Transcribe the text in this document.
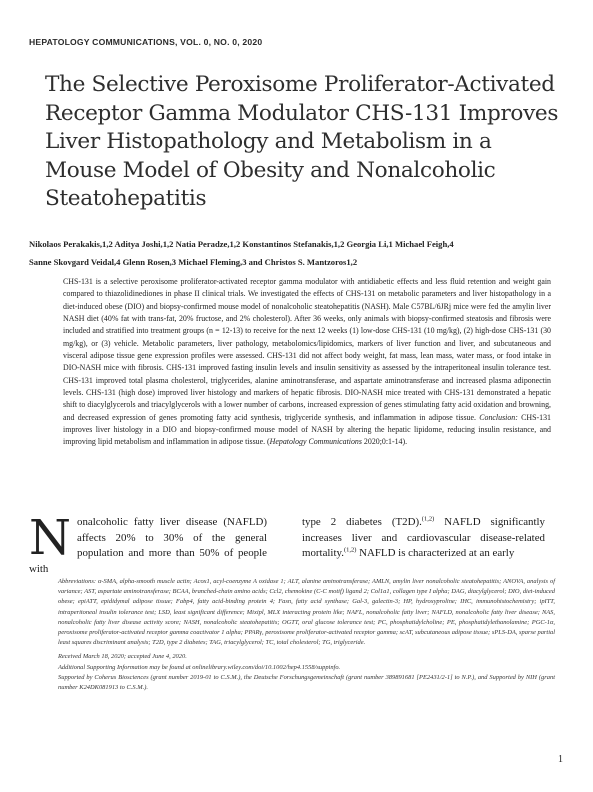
HEPATOLOGY COMMUNICATIONS, VOL. 0, NO. 0, 2020
The Selective Peroxisome Proliferator-Activated Receptor Gamma Modulator CHS-131 Improves Liver Histopathology and Metabolism in a Mouse Model of Obesity and Nonalcoholic Steatohepatitis
Nikolaos Perakakis,1,2 Aditya Joshi,1,2 Natia Peradze,1,2 Konstantinos Stefanakis,1,2 Georgia Li,1 Michael Feigh,4
Sanne Skovgard Veidal,4 Glenn Rosen,3 Michael Fleming,3 and Christos S. Mantzoros1,2
CHS-131 is a selective peroxisome proliferator-activated receptor gamma modulator with antidiabetic effects and less fluid retention and weight gain compared to thiazolidinediones in phase II clinical trials. We investigated the effects of CHS-131 on metabolic parameters and liver histopathology in a diet-induced obese (DIO) and biopsy-confirmed mouse model of nonalcoholic steatohepatitis (NASH). Male C57BL/6JRj mice were fed the amylin liver NASH diet (40% fat with trans-fat, 20% fructose, and 2% cholesterol). After 36 weeks, only animals with biopsy-confirmed steatosis and fibrosis were included and stratified into treatment groups (n = 12-13) to receive for the next 12 weeks (1) low-dose CHS-131 (10 mg/kg), (2) high-dose CHS-131 (30 mg/kg), or (3) vehicle. Metabolic parameters, liver pathology, metabolomics/lipidomics, markers of liver function and liver, and subcutaneous and visceral adipose tissue gene expression profiles were assessed. CHS-131 did not affect body weight, fat mass, lean mass, water mass, or food intake in DIO-NASH mice with fibrosis. CHS-131 improved fasting insulin levels and insulin sensitivity as assessed by the intraperitoneal insulin tolerance test. CHS-131 improved total plasma cholesterol, triglycerides, alanine aminotransferase, and aspartate aminotransferase and increased plasma adiponectin levels. CHS-131 (high dose) improved liver histology and markers of hepatic fibrosis. DIO-NASH mice treated with CHS-131 demonstrated a hepatic shift to diacylglycerols and triacylglycerols with a lower number of carbons, increased expression of genes stimulating fatty acid oxidation and browning, and decreased expression of genes promoting fatty acid synthesis, triglyceride synthesis, and inflammation in adipose tissue. Conclusion: CHS-131 improves liver histology in a DIO and biopsy-confirmed mouse model of NASH by altering the hepatic lipidome, reducing insulin resistance, and improving lipid metabolism and inflammation in adipose tissue. (Hepatology Communications 2020;0:1-14).
Nonalcoholic fatty liver disease (NAFLD) affects 20% to 30% of the general population and more than 50% of people with
type 2 diabetes (T2D).$^{(1,2)}$ NAFLD significantly increases liver and cardiovascular disease-related mortality.$^{(1,2)}$ NAFLD is characterized at an early

Abbreviations: α-SMA, alpha-smooth muscle actin; Acox1, acyl-coenzyme A oxidase 1; ALT, alanine aminotransferase; AMLN, amylin liver nonalcoholic steatohepatitis; ANOVA, analysis of variance; AST, aspartate aminotransferase; BCAA, branched-chain amino acids; Ccl2, chemokine (C-C motif) ligand 2; Col1a1, collagen type I alpha; DAG, diacylglycerol; DIO, diet-induced obese; epiATT, epididymal adipose tissue; Fabp4, fatty acid-binding protein 4; Fasn, fatty acid synthase; Gal-3, galectin-3; HP, hydroxyproline; IHC, immunohistochemistry; ipITT, intraperitoneal insulin tolerance test; LSD, least significant difference; Mixipl, MLX interacting protein like; NAFL, nonalcoholic fatty liver; NAFLD, nonalcoholic fatty liver disease; NAS, nonalcoholic fatty liver disease activity score; NASH, nonalcoholic steatohepatitis; OGTT, oral glucose tolerance test; PC, phosphatidylcholine; PE, phosphatidylethanolamine; PGC-1α, peroxisome proliferator-activated receptor gamma coactivator 1 alpha; PPARγ, peroxisome proliferator-activated receptor gamma; scAT, subcutaneous adipose tissue; sPLS-DA, sparse partial least squares discriminant analysis; T2D, type 2 diabetes; TAG, triacylglycerol; TC, total cholesterol; TG, triglyceride.

Received March 18, 2020; accepted June 4, 2020.

Additional Supporting Information may be found at onlinelibrary.wiley.com/doi/10.1002/hep4.1558/suppinfo.

Supported by Coherus Biosciences (grant number 2019-01 to C.S.M.), the Deutsche Forschungsgemeinschaft (grant number 389891681 [PE2431/2-1] to N.P.), and Supported by NIH (grant number K24DK081913 to C.S.M.).

1
